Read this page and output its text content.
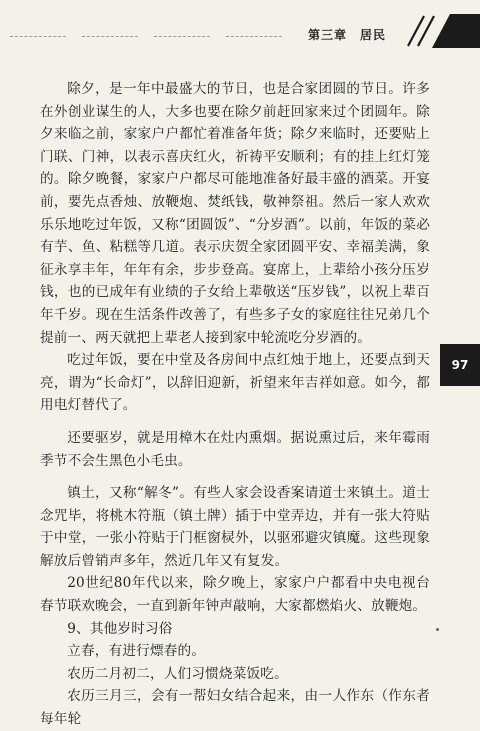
第三章　居民
97

除夕，是一年中最盛大的节日，也是合家团圆的节日。许多在外创业谋生的人，大多也要在除夕前赶回家来过个团圆年。除夕来临之前，家家户户都忙着准备年货；除夕来临时，还要贴上门联、门神，以表示喜庆红火，祈祷平安顺利；有的挂上红灯笼的。除夕晚餐，家家户户都尽可能地准备好最丰盛的酒菜。开宴前，要先点香烛、放鞭炮、焚纸钱，敬神祭祖。然后一家人欢欢乐乐地吃过年饭，又称“团圆饭”、“分岁酒”。以前，年饭的菜必有芋、鱼、粘糕等几道。表示庆贺全家团圆平安、幸福美满，象征永享丰年，年年有余，步步登高。宴席上，上辈给小孩分压岁钱，也的已成年有业绩的子女给上辈敬送“压岁钱”，以祝上辈百年千岁。现在生活条件改善了，有些多子女的家庭往往兄弟几个提前一、两天就把上辈老人接到家中轮流吃分岁酒的。

吃过年饭，要在中堂及各房间中点红烛于地上，还要点到天亮，谓为“长命灯”，以辞旧迎新，祈望来年吉祥如意。如今，都用电灯替代了。

还要驱岁，就是用樟木在灶内熏烟。据说熏过后，来年霉雨季节不会生黑色小毛虫。

镇土，又称“解冬”。有些人家会设香案请道士来镇土。道士念咒毕，将桃木符瓶（镇土牌）插于中堂弄边，并有一张大符贴于中堂，一张小符贴于门框窗棂外，以驱邪避灾镇魔。这些现象解放后曾销声多年，然近几年又有复发。

20世纪80年代以来，除夕晚上，家家户户都看中央电视台春节联欢晚会，一直到新年钟声敲响，大家都燃焰火、放鞭炮。

9、其他岁时习俗

立春，有进行熛春的。

农历二月初二，人们习惯烧菜饭吃。

农历三月三，会有一帮妇女结合起来，由一人作东（作东者每年轮
